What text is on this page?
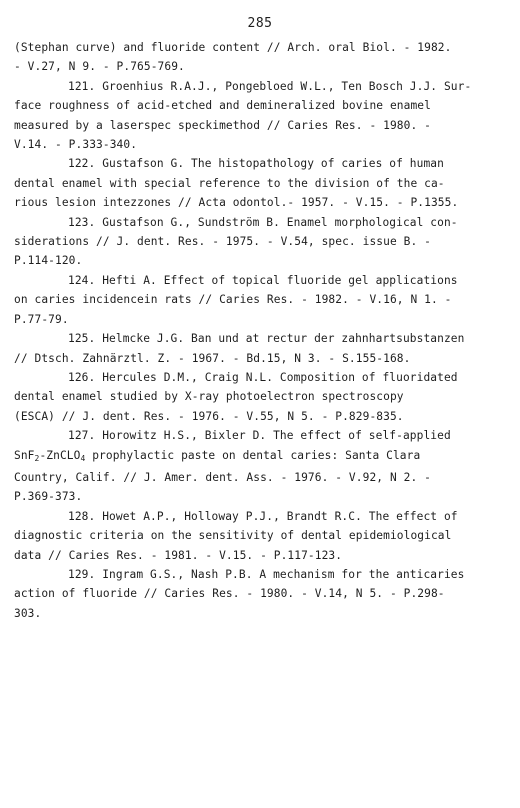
285

(Stephan curve) and fluoride content // Arch. oral Biol. - 1982.
- V.27, N 9. - P.765-769.

121. Groenhius R.A.J., Pongebloed W.L., Ten Bosch J.J. Sur-
face roughness of acid-etched and demineralized bovine enamel
measured by a laserspec speckimethod // Caries Res. - 1980. -
V.14. - P.333-340.

122. Gustafson G. The histopathology of caries of human
dental enamel with special reference to the division of the ca-
rious lesion intezzones // Acta odontol.- 1957. - V.15. - P.1355.

123. Gustafson G., Sundström B. Enamel morphological con-
siderations // J. dent. Res. - 1975. - V.54, spec. issue B. -
P.114-120.

124. Hefti A. Effect of topical fluoride gel applications
on caries incidencein rats // Caries Res. - 1982. - V.16, N 1. -
P.77-79.

125. Helmcke J.G. Ban und at rectur der zahnhartsubstanzen
// Dtsch. Zahnärztl. Z. - 1967. - Bd.15, N 3. - S.155-168.

126. Hercules D.M., Craig N.L. Composition of fluoridated
dental enamel studied by X-ray photoelectron spectroscopy
(ESCA) // J. dent. Res. - 1976. - V.55, N 5. - P.829-835.

127. Horowitz H.S., Bixler D. The effect of self-applied
SnF$_2$-ZnCLO$_4$ prophylactic paste on dental caries: Santa Clara
Country, Calif. // J. Amer. dent. Ass. - 1976. - V.92, N 2. -
P.369-373.

128. Howet A.P., Holloway P.J., Brandt R.C. The effect of
diagnostic criteria on the sensitivity of dental epidemiological
data // Caries Res. - 1981. - V.15. - P.117-123.

129. Ingram G.S., Nash P.B. A mechanism for the anticaries
action of fluoride // Caries Res. - 1980. - V.14, N 5. - P.298-
303.
